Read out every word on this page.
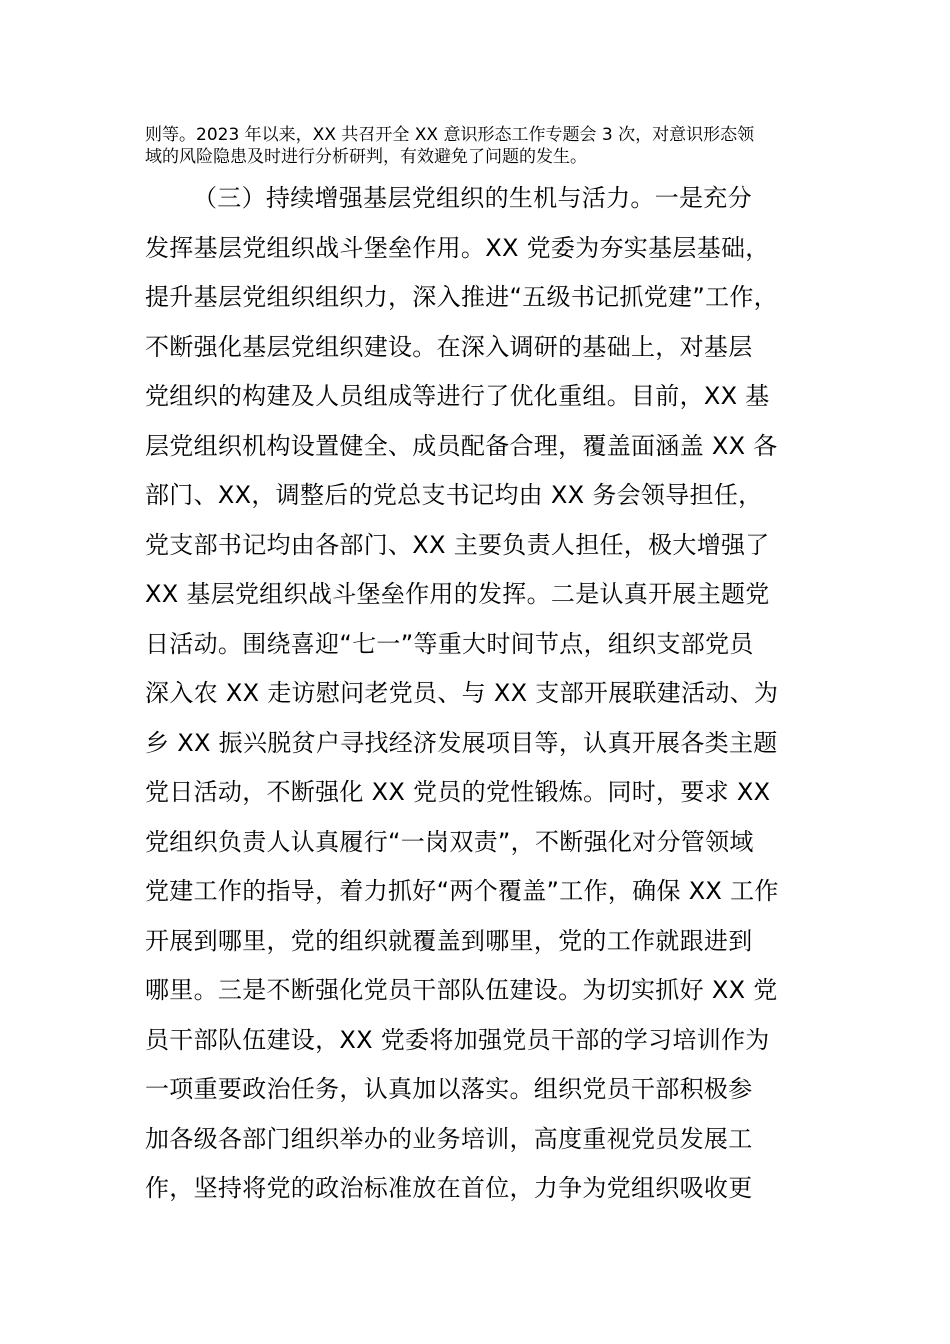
则等。2023 年以来，XX 共召开全 XX 意识形态工作专题会 3 次，对意识形态领
域的风险隐患及时进行分析研判，有效避免了问题的发生。

（三）持续增强基层党组织的生机与活力。一是充分
发挥基层党组织战斗堡垒作用。XX 党委为夯实基层基础，
提升基层党组织组织力，深入推进“五级书记抓党建”工作，
不断强化基层党组织建设。在深入调研的基础上，对基层
党组织的构建及人员组成等进行了优化重组。目前，XX 基
层党组织机构设置健全、成员配备合理，覆盖面涵盖 XX 各
部门、XX，调整后的党总支书记均由 XX 务会领导担任，
党支部书记均由各部门、XX 主要负责人担任，极大增强了
XX 基层党组织战斗堡垒作用的发挥。二是认真开展主题党
日活动。围绕喜迎“七一”等重大时间节点，组织支部党员
深入农 XX 走访慰问老党员、与 XX 支部开展联建活动、为
乡 XX 振兴脱贫户寻找经济发展项目等，认真开展各类主题
党日活动，不断强化 XX 党员的党性锻炼。同时，要求 XX
党组织负责人认真履行“一岗双责”，不断强化对分管领域
党建工作的指导，着力抓好“两个覆盖”工作，确保 XX 工作
开展到哪里，党的组织就覆盖到哪里，党的工作就跟进到
哪里。三是不断强化党员干部队伍建设。为切实抓好 XX 党
员干部队伍建设，XX 党委将加强党员干部的学习培训作为
一项重要政治任务，认真加以落实。组织党员干部积极参
加各级各部门组织举办的业务培训，高度重视党员发展工
作，坚持将党的政治标准放在首位，力争为党组织吸收更
